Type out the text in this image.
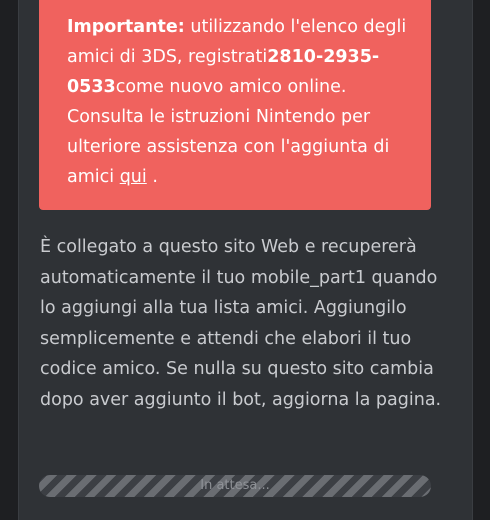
Importante: utilizzando l'elenco degli amici di 3DS, registrati2810-2935-0533come nuovo amico online. Consulta le istruzioni Nintendo per ulteriore assistenza con l'aggiunta di amici qui .
È collegato a questo sito Web e recupererà automaticamente il tuo mobile_part1 quando lo aggiungi alla tua lista amici. Aggiungilo semplicemente e attendi che elabori il tuo codice amico. Se nulla su questo sito cambia dopo aver aggiunto il bot, aggiorna la pagina.
In attesa...
